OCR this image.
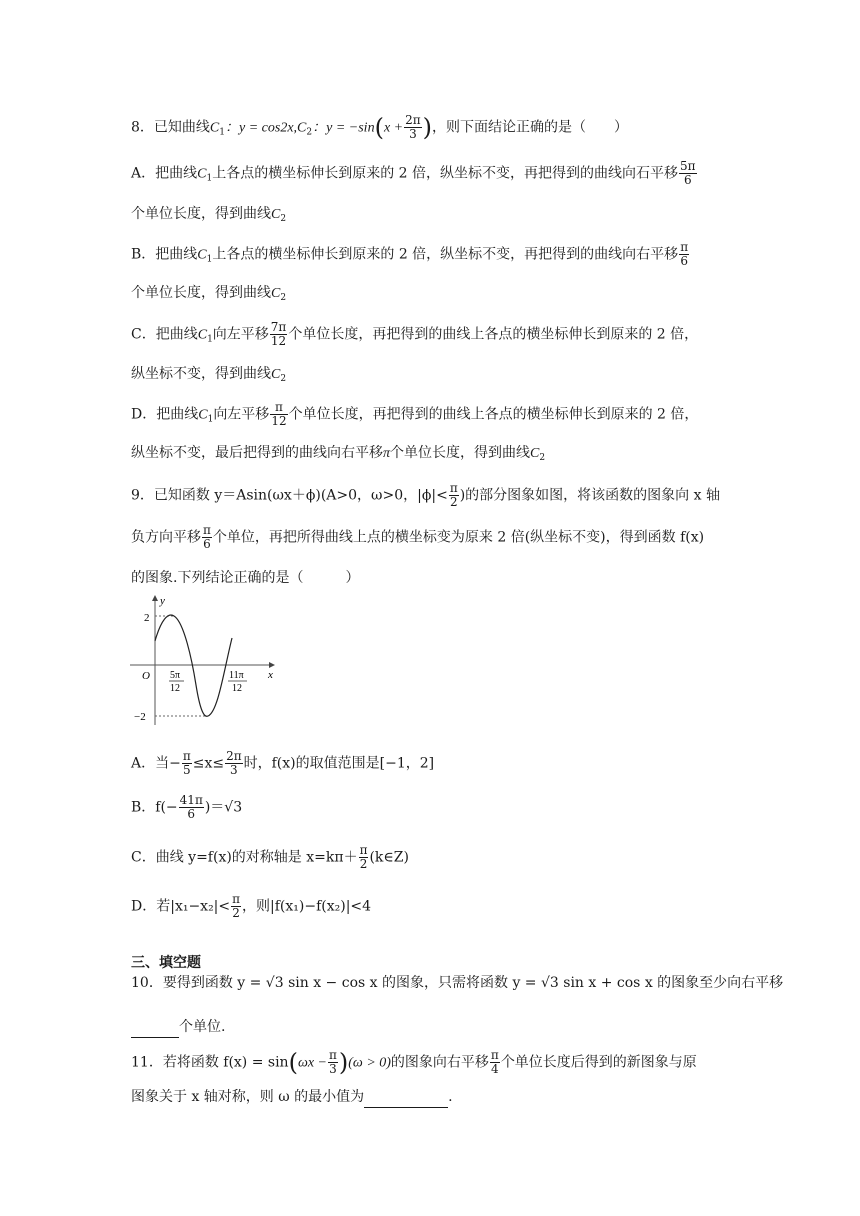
8．已知曲线$C_1$：$y = \cos 2x,C_2$：$y = -\sin(x + \frac{2\pi}{3}$ )，则下面结论正确的是（　　）
A．把曲线$C_1$上各点的横坐标伸长到原来的 2 倍，纵坐标不变，再把得到的曲线向石平移 $\frac{5\pi}{6}$
个单位长度，得到曲线$C_2$
B．把曲线$C_1$上各点的横坐标伸长到原来的 2 倍，纵坐标不变，再把得到的曲线向右平移 $\frac{\pi}{6}$
个单位长度，得到曲线$C_2$
C．把曲线$C_1$向左平移 $\frac{7\pi}{12}$ 个单位长度，再把得到的曲线上各点的横坐标伸长到原来的 2 倍，
纵坐标不变，得到曲线$C_2$
D．把曲线$C_1$向左平移 $\frac{\pi}{12}$ 个单位长度，再把得到的曲线上各点的横坐标伸长到原来的 2 倍，
纵坐标不变，最后把得到的曲线向右平移π个单位长度，得到曲线$C_2$
9．已知函数 y＝Asin(ωx＋ϕ)(A>0，ω>0，$|\phi|< \frac{\pi}{2}$ )的部分图象如图，将该函数的图象向 x 轴
负方向平移 $\frac{\pi}{6}$ 个单位，再把所得曲线上点的横坐标变为原来 2 倍(纵坐标不变)，得到函数 f(x)
的图象.下列结论正确的是（　　　）
y
x
O
2
−2
5π
12
11π
12
A．当− $\frac{\pi}{5} \le x\le \frac{2\pi}{3}$ 时，f(x)的取值范围是[−1，2]
B．$f(- \frac{41\pi}{6} )=√3$
C．曲线 y=f(x)的对称轴是 $x=k\pi+ \frac{\pi}{2}$ (k∈Z)
D．若$|x_1-x_2|< \frac{\pi}{2}$ ，则|f(x₁)−f(x₂)|<4
三、填空题
10．要得到函数 y = √3 sin x − cos x 的图象，只需将函数 y = √3 sin x + cos x 的图象至少向右平移
个单位.
11．若将函数 $f(x) = \sin(\omega x - \frac{\pi}{3} )(\omega > 0)$的图象向右平移 $\frac{\pi}{4}$ 个单位长度后得到的新图象与原
图象关于 x 轴对称，则 ω 的最小值为	.
